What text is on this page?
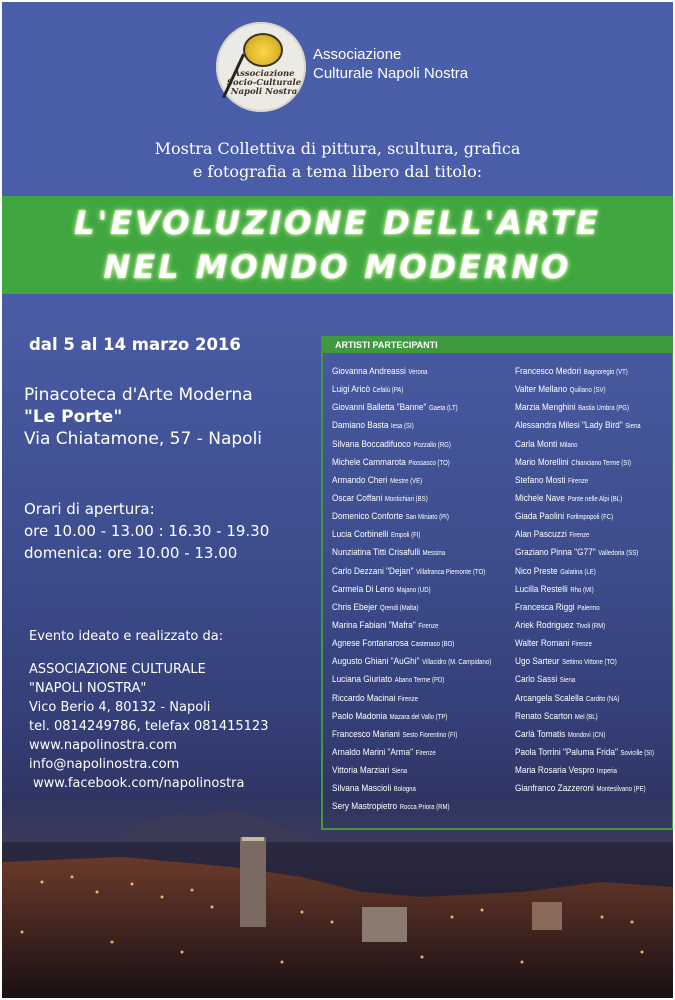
Associazione
Socio-Culturale
Napoli Nostra
Associazione
Culturale Napoli Nostra
Mostra Collettiva di pittura, scultura, grafica
e fotografia a tema libero dal titolo:
L'EVOLUZIONE DELL'ARTE
NEL MONDO MODERNO
dal 5 al 14 marzo 2016
Pinacoteca d'Arte Moderna
"Le Porte"
Via Chiatamone, 57 - Napoli
Orari di apertura:
ore 10.00 - 13.00 : 16.30 - 19.30
domenica: ore 10.00 - 13.00
Evento ideato e realizzato da:
ASSOCIAZIONE CULTURALE
"NAPOLI NOSTRA"
Vico Berio 4, 80132 - Napoli
tel. 0814249786, telefax 081415123
www.napolinostra.com
info@napolinostra.com
www.facebook.com/napolinostra
ARTISTI PARTECIPANTI
Giovanna Andreassi Verona
Luigi Aricò Cefalù (PA)
Giovanni Balletta "Banne" Gaeta (LT)
Damiano Basta Iesa (SI)
Silvana Boccadifuoco Pozzallo (RG)
Michele Cammarota Piossasco (TO)
Armando Cheri Mestre (VE)
Oscar Coffani Montichiari (BS)
Domenico Conforte San Miniato (PI)
Lucia Corbinelli Empoli (FI)
Nunziatina Titti Crisafulli Messina
Carlo Dezzani "Dejan" Villafranca Piemonte (TO)
Carmela Di Leno Majano (UD)
Chris Ebejer Qrendi (Malta)
Marina Fabiani "Mafra" Firenze
Agnese Fontanarosa Castenaso (BO)
Augusto Ghiani "AuGhi" Villacidro (M. Campidano)
Luciana Giuriato Abano Terme (PD)
Riccardo Macinai Firenze
Paolo Madonia Mazara del Vallo (TP)
Francesco Mariani Sesto Fiorentino (FI)
Arnaldo Marini "Arma" Firenze
Vittoria Marziari Siena
Silvana Mascioli Bologna
Sery Mastropietro Rocca Priora (RM)
Francesco Medori Bagnoregio (VT)
Valter Mellano Quiliano (SV)
Marzia Menghini Bastia Umbra (PG)
Alessandra Milesi "Lady Bird" Siena
Carla Monti Milano
Mario Morellini Chianciano Terme (SI)
Stefano Mosti Firenze
Michele Nave Ponte nelle Alpi (BL)
Giada Paolini Forlimpopoli (FC)
Alan Pascuzzi Firenze
Graziano Pinna "G77" Valledoria (SS)
Nico Preste Galatina (LE)
Lucilla Restelli Rho (MI)
Francesca Riggi Palermo
Ariek Rodriguez Tivoli (RM)
Walter Romani Firenze
Ugo Sarteur Settimo Vittone (TO)
Carlo Sassi Siena
Arcangela Scalella Cardito (NA)
Renato Scarton Mel (BL)
Carlà Tomatis Mondovì (CN)
Paola Torrini "Paluma Frida" Sovicille (SI)
Maria Rosaria Vespro Imperia
Gianfranco Zazzeroni Montesilvano (PE)
